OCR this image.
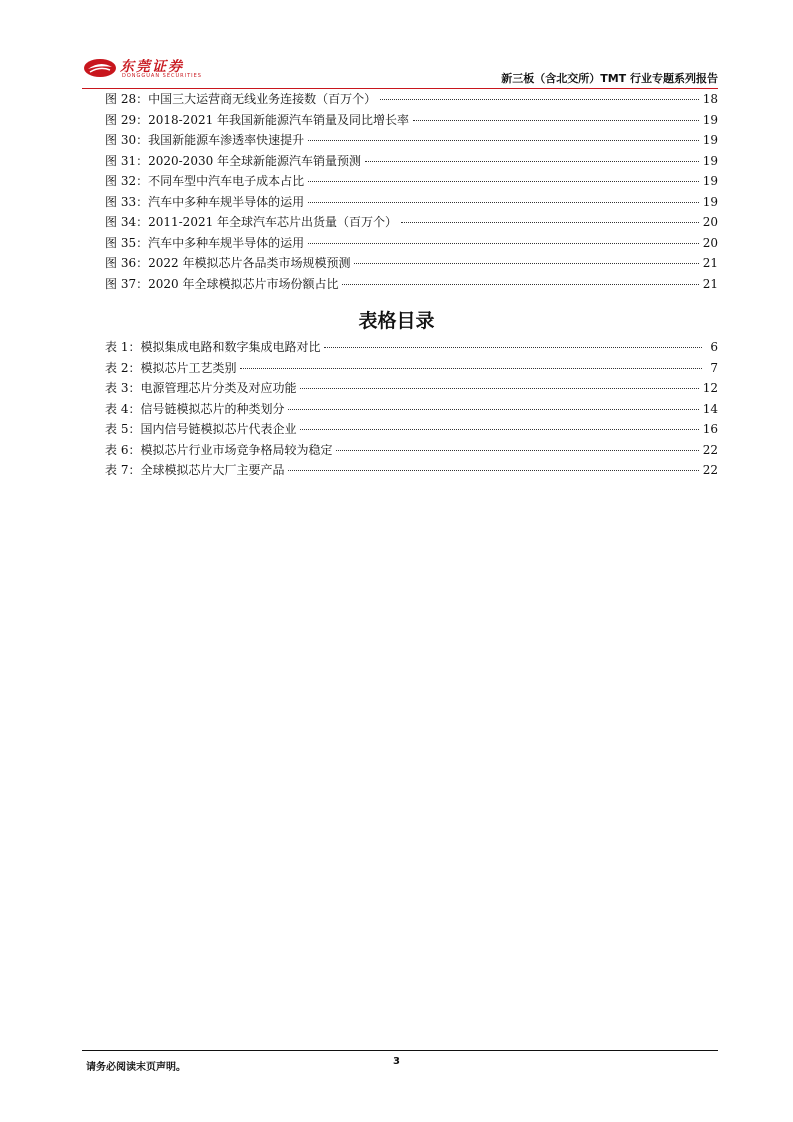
东莞证券
DONGGUAN SECURITIES	新三板（含北交所）TMT 行业专题系列报告
图 28：中国三大运营商无线业务连接数（百万个）	18
图 29：2018-2021 年我国新能源汽车销量及同比增长率	19
图 30：我国新能源车渗透率快速提升	19
图 31：2020-2030 年全球新能源汽车销量预测	19
图 32：不同车型中汽车电子成本占比	19
图 33：汽车中多种车规半导体的运用	19
图 34：2011-2021 年全球汽车芯片出货量（百万个）	20
图 35：汽车中多种车规半导体的运用	20
图 36：2022 年模拟芯片各品类市场规模预测	21
图 37：2020 年全球模拟芯片市场份额占比	21
表格目录
表 1：模拟集成电路和数字集成电路对比	6
表 2：模拟芯片工艺类别	7
表 3：电源管理芯片分类及对应功能	12
表 4：信号链模拟芯片的种类划分	14
表 5：国内信号链模拟芯片代表企业	16
表 6：模拟芯片行业市场竞争格局较为稳定	22
表 7：全球模拟芯片大厂主要产品	22
请务必阅读末页声明。
3
